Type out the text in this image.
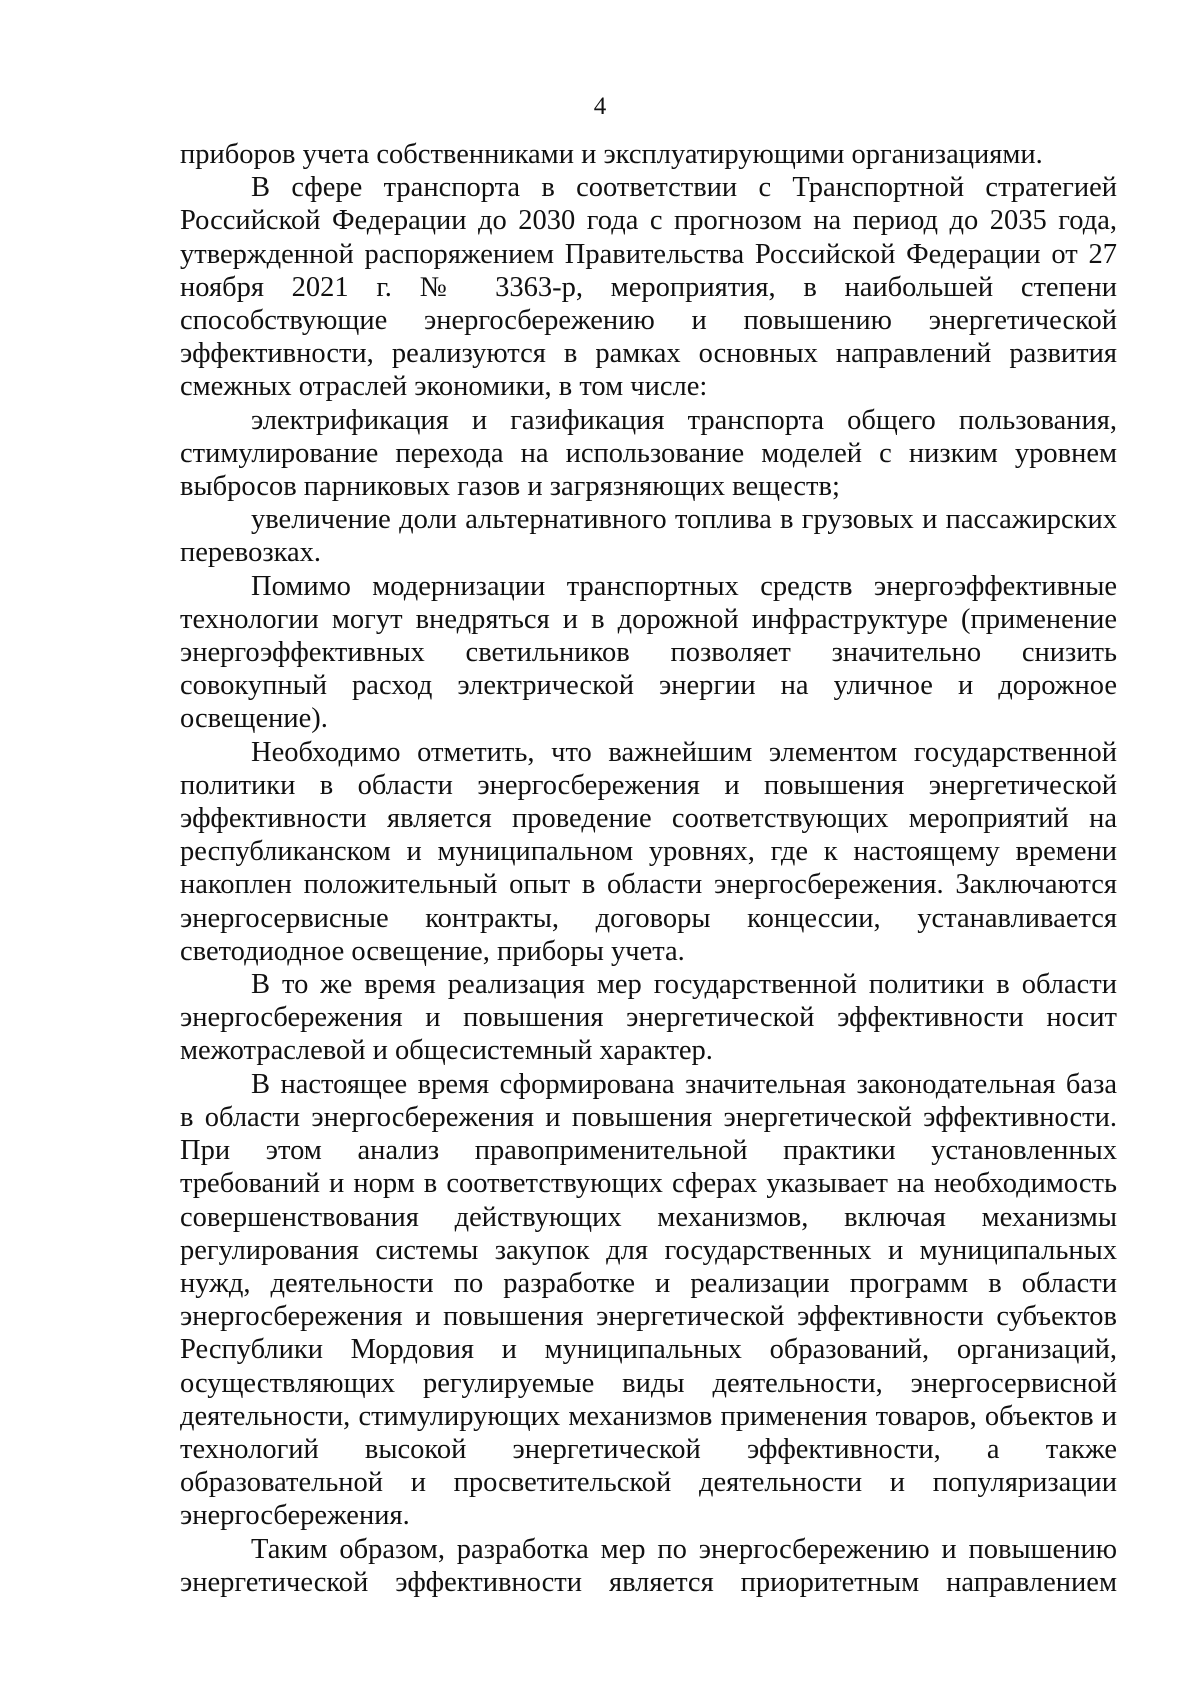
4

приборов учета собственниками и эксплуатирующими организациями.

В сфере транспорта в соответствии с Транспортной стратегией Российской Федерации до 2030 года с прогнозом на период до 2035 года, утвержденной распоряжением Правительства Российской Федерации от 27 ноября 2021 г. № 3363-р, мероприятия, в наибольшей степени способствующие энергосбережению и повышению энергетической эффективности, реализуются в рамках основных направлений развития смежных отраслей экономики, в том числе:

электрификация и газификация транспорта общего пользования, стимулирование перехода на использование моделей с низким уровнем выбросов парниковых газов и загрязняющих веществ;

увеличение доли альтернативного топлива в грузовых и пассажирских перевозках.

Помимо модернизации транспортных средств энергоэффективные технологии могут внедряться и в дорожной инфраструктуре (применение энергоэффективных светильников позволяет значительно снизить совокупный расход электрической энергии на уличное и дорожное освещение).

Необходимо отметить, что важнейшим элементом государственной политики в области энергосбережения и повышения энергетической эффективности является проведение соответствующих мероприятий на республиканском и муниципальном уровнях, где к настоящему времени накоплен положительный опыт в области энергосбережения. Заключаются энергосервисные контракты, договоры концессии, устанавливается светодиодное освещение, приборы учета.

В то же время реализация мер государственной политики в области энергосбережения и повышения энергетической эффективности носит межотраслевой и общесистемный характер.

В настоящее время сформирована значительная законодательная база в области энергосбережения и повышения энергетической эффективности. При этом анализ правоприменительной практики установленных требований и норм в соответствующих сферах указывает на необходимость совершенствования действующих механизмов, включая механизмы регулирования системы закупок для государственных и муниципальных нужд, деятельности по разработке и реализации программ в области энергосбережения и повышения энергетической эффективности субъектов Республики Мордовия и муниципальных образований, организаций, осуществляющих регулируемые виды деятельности, энергосервисной деятельности, стимулирующих механизмов применения товаров, объектов и технологий высокой энергетической эффективности, а также образовательной и просветительской деятельности и популяризации энергосбережения.

Таким образом, разработка мер по энергосбережению и повышению энергетической эффективности является приоритетным направлением
